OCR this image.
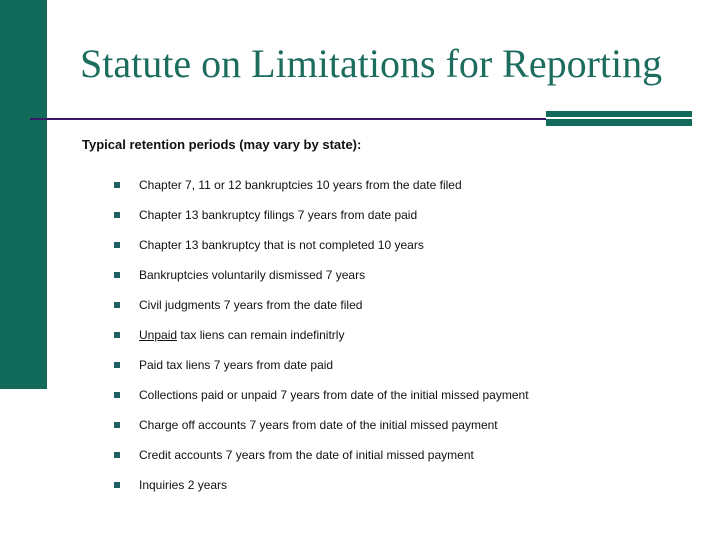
Statute on Limitations for Reporting

Typical retention periods (may vary by state):

Chapter 7, 11 or 12 bankruptcies 10 years from the date filed
Chapter 13 bankruptcy filings 7 years from date paid
Chapter 13 bankruptcy that is not completed 10 years
Bankruptcies voluntarily dismissed 7 years
Civil judgments 7 years from the date filed
Unpaid
tax liens can remain indefinitrly
Paid tax liens 7 years from date paid
Collections paid or unpaid 7 years from date of the initial missed payment
Charge off accounts 7 years from date of the initial missed payment
Credit accounts 7 years from the date of initial missed payment
Inquiries 2 years
